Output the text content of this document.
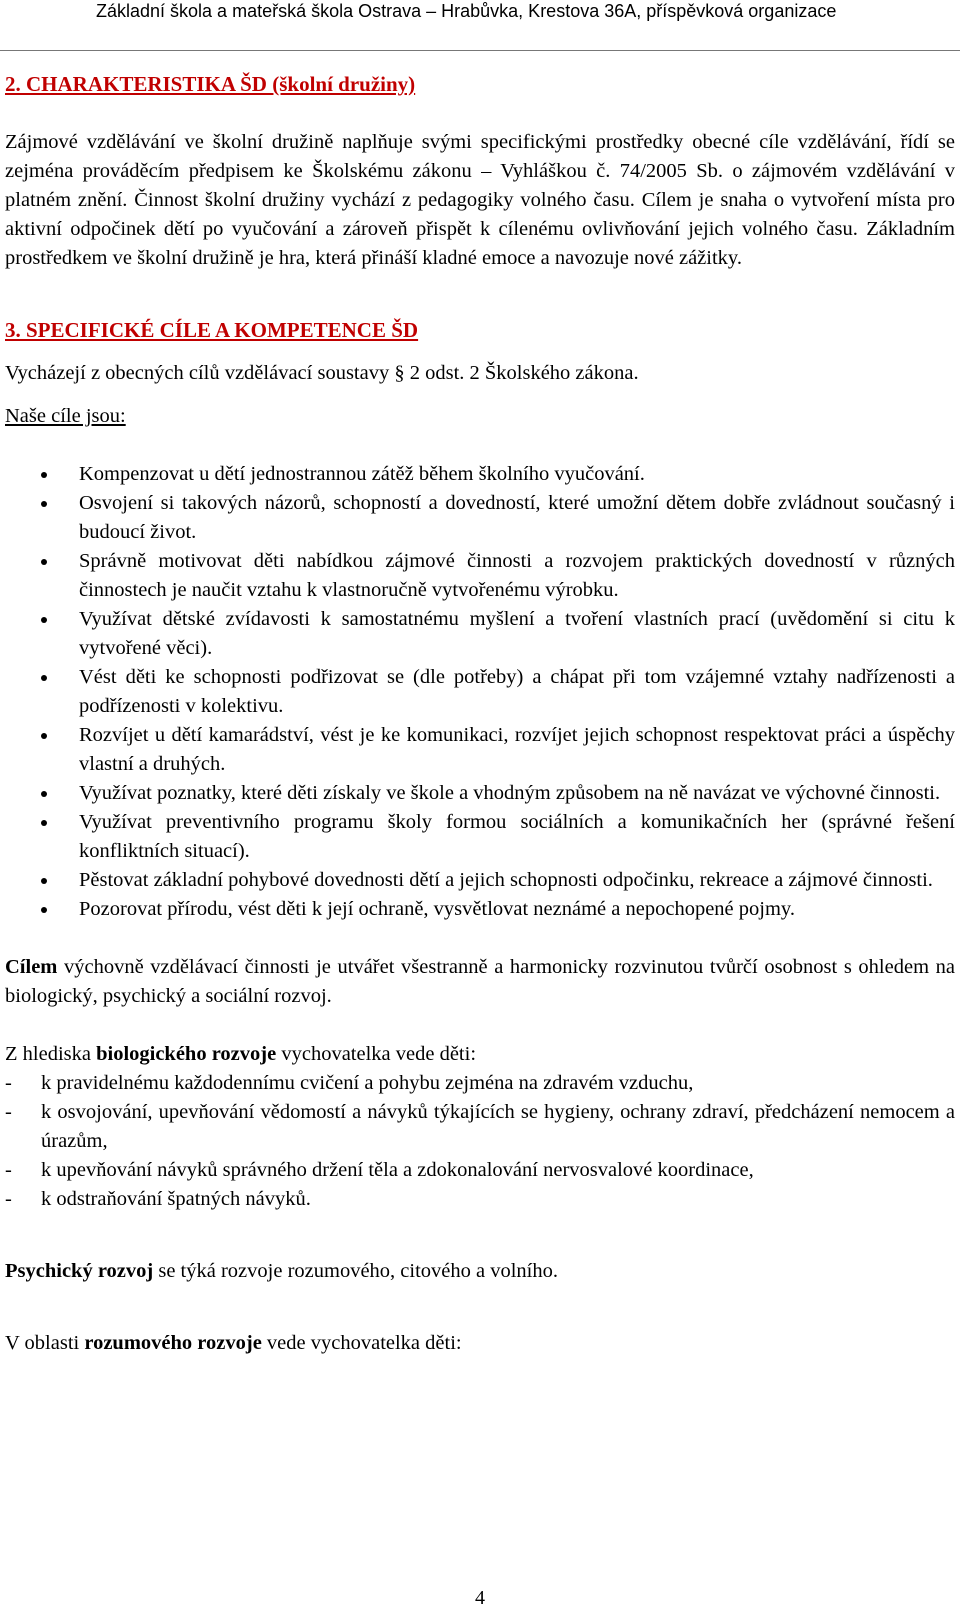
Základní škola a mateřská škola Ostrava – Hrabůvka, Krestova 36A, příspěvková organizace
2. CHARAKTERISTIKA ŠD (školní družiny)

Zájmové vzdělávání ve školní družině naplňuje svými specifickými prostředky obecné cíle vzdělávání, řídí se zejména prováděcím předpisem ke Školskému zákonu – Vyhláškou č. 74/2005 Sb. o zájmovém vzdělávání v platném znění. Činnost školní družiny vychází z pedagogiky volného času. Cílem je snaha o vytvoření místa pro aktivní odpočinek dětí po vyučování a zároveň přispět k cílenému ovlivňování jejich volného času. Základním prostředkem ve školní družině je hra, která přináší kladné emoce a navozuje nové zážitky.

3. SPECIFICKÉ CÍLE A KOMPETENCE ŠD

Vycházejí z obecných cílů vzdělávací soustavy § 2 odst. 2 Školského zákona.

Naše cíle jsou:

Kompenzovat u dětí jednostrannou zátěž během školního vyučování.
Osvojení si takových názorů, schopností a dovedností, které umožní dětem dobře zvládnout současný i budoucí život.
Správně motivovat děti nabídkou zájmové činnosti a rozvojem praktických dovedností v různých činnostech je naučit vztahu k vlastnoručně vytvořenému výrobku.
Využívat dětské zvídavosti k samostatnému myšlení a tvoření vlastních prací (uvědomění si citu k vytvořené věci).
Vést děti ke schopnosti podřizovat se (dle potřeby) a chápat při tom vzájemné vztahy nadřízenosti a podřízenosti v kolektivu.
Rozvíjet u dětí kamarádství, vést je ke komunikaci, rozvíjet jejich schopnost respektovat práci a úspěchy vlastní a druhých.
Využívat poznatky, které děti získaly ve škole a vhodným způsobem na ně navázat ve výchovné činnosti.
Využívat preventivního programu školy formou sociálních a komunikačních her (správné řešení konfliktních situací).
Pěstovat základní pohybové dovednosti dětí a jejich schopnosti odpočinku, rekreace a zájmové činnosti.
Pozorovat přírodu, vést děti k její ochraně, vysvětlovat neznámé a nepochopené pojmy.

Cílem výchovně vzdělávací činnosti je utvářet všestranně a harmonicky rozvinutou tvůrčí osobnost s ohledem na biologický, psychický a sociální rozvoj.

Z hlediska biologického rozvoje vychovatelka vede děti:

- k pravidelnému každodennímu cvičení a pohybu zejména na zdravém vzduchu,
- k osvojování, upevňování vědomostí a návyků týkajících se hygieny, ochrany zdraví, předcházení nemocem a úrazům,
- k upevňování návyků správného držení těla a zdokonalování nervosvalové koordinace,
- k odstraňování špatných návyků.

Psychický rozvoj se týká rozvoje rozumového, citového a volního.

V oblasti rozumového rozvoje vede vychovatelka děti:

4
